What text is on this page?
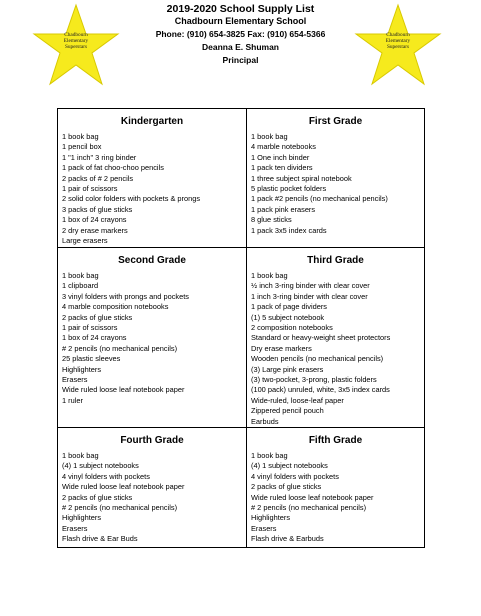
Chadbourn
Elementary
Superstars
2019-2020 School Supply List
Chadbourn Elementary School
Phone: (910) 654-3825 Fax: (910) 654-5366
Deanna E. Shuman
Principal
Chadbourn
Elementary
Superstars
Kindergarten
1 book bag
1 pencil box
1 "1 inch" 3 ring binder
1 pack of fat choo-choo pencils
2 packs of # 2 pencils
1 pair of scissors
2 solid color folders with pockets & prongs
3 packs of glue sticks
1 box of 24 crayons
2 dry erase markers
Large erasers
First Grade
1 book bag
4 marble notebooks
1 One inch binder
1 pack ten dividers
1 three subject spiral notebook
5 plastic pocket folders
1 pack #2 pencils (no mechanical pencils)
1 pack pink erasers
8 glue sticks
1 pack 3x5 index cards
Second Grade
1 book bag
1 clipboard
3 vinyl folders with prongs and pockets
4 marble composition notebooks
2 packs of glue sticks
1 pair of scissors
1 box of 24 crayons
# 2 pencils (no mechanical pencils)
25 plastic sleeves
Highlighters
Erasers
Wide ruled loose leaf notebook paper
1 ruler
Third Grade
1 book bag
½ inch 3-ring binder with clear cover
1 inch 3-ring binder with clear cover
1 pack of page dividers
(1) 5 subject notebook
2 composition notebooks
Standard or heavy-weight sheet protectors
Dry erase markers
Wooden pencils (no mechanical pencils)
(3) Large pink erasers
(3) two-pocket, 3-prong, plastic folders
(100 pack) unruled, white, 3x5 index cards
Wide-ruled, loose-leaf paper
Zippered pencil pouch
Earbuds
Fourth Grade
1 book bag
(4) 1 subject notebooks
4 vinyl folders with pockets
Wide ruled loose leaf notebook paper
2 packs of glue sticks
# 2 pencils (no mechanical pencils)
Highlighters
Erasers
Flash drive & Ear Buds
Fifth Grade
1 book bag
(4) 1 subject notebooks
4 vinyl folders with pockets
2 packs of glue sticks
Wide ruled loose leaf notebook paper
# 2 pencils (no mechanical pencils)
Highlighters
Erasers
Flash drive & Earbuds
